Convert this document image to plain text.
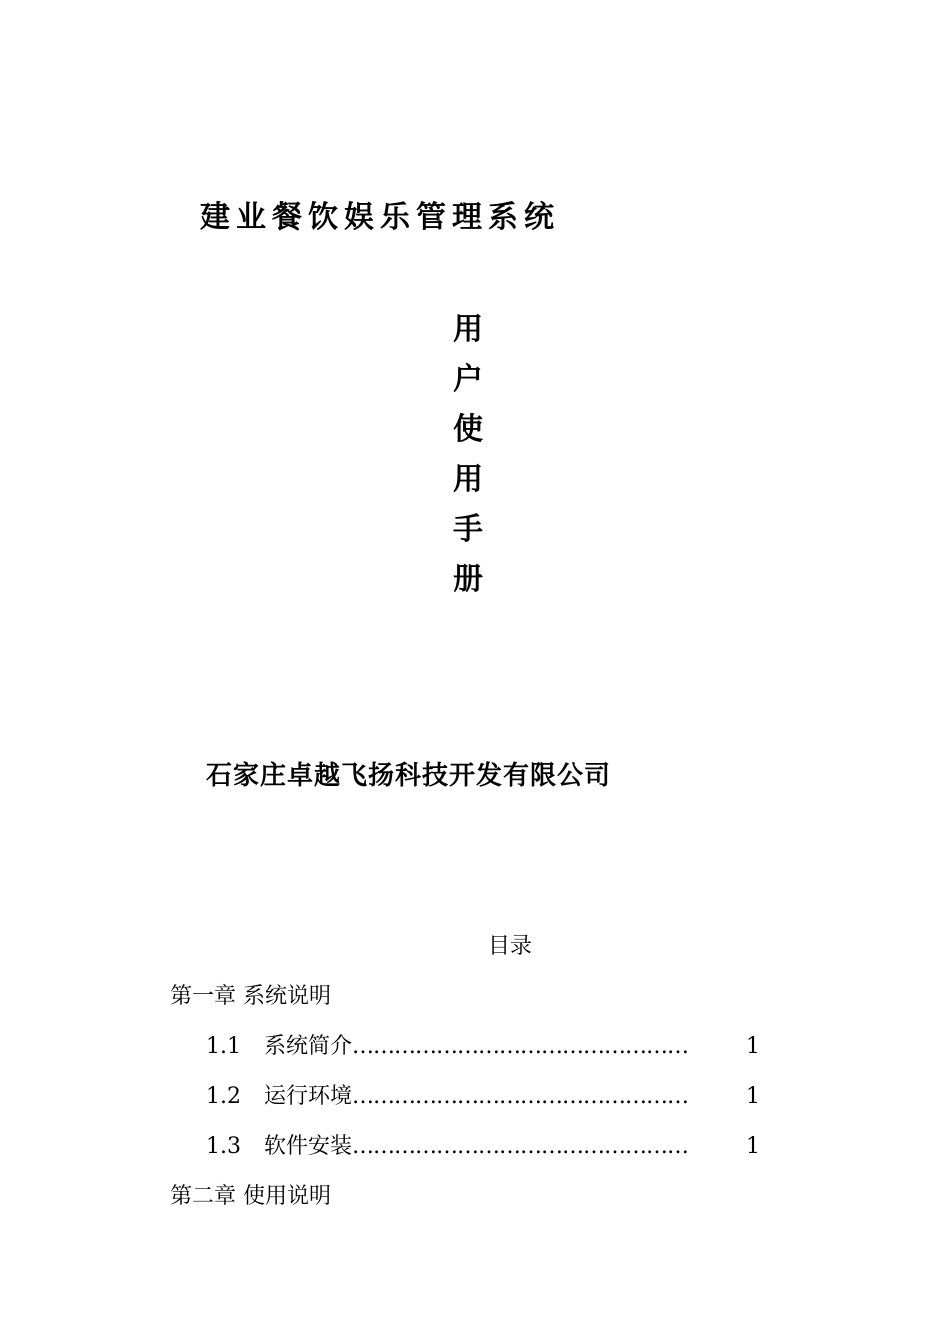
建业餐饮娱乐管理系统
用
户
使
用
手
册
石家庄卓越飞扬科技开发有限公司
目录
第一章 系统说明
1.1 系统简介…………………………………………	1
1.2 运行环境…………………………………………	1
1.3 软件安装…………………………………………	1
第二章 使用说明
